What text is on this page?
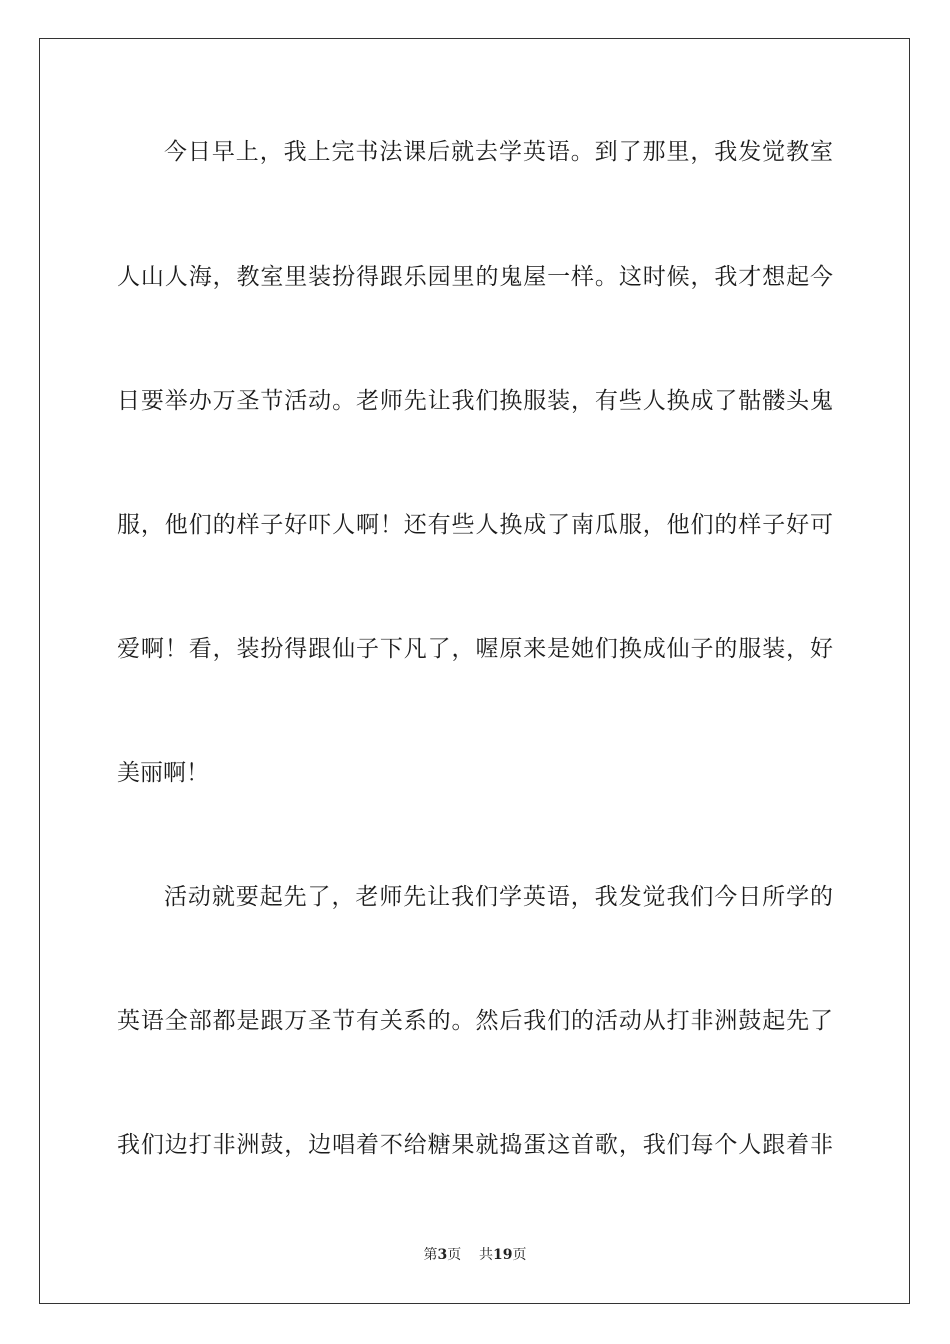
今日早上，我上完书法课后就去学英语。到了那里，我发觉教室
人山人海，教室里装扮得跟乐园里的鬼屋一样。这时候，我才想起今
日要举办万圣节活动。老师先让我们换服装，有些人换成了骷髅头鬼
服，他们的样子好吓人啊！还有些人换成了南瓜服，他们的样子好可
爱啊！看，装扮得跟仙子下凡了，喔原来是她们换成仙子的服装，好
美丽啊！
活动就要起先了，老师先让我们学英语，我发觉我们今日所学的
英语全部都是跟万圣节有关系的。然后我们的活动从打非洲鼓起先了
我们边打非洲鼓，边唱着不给糖果就捣蛋这首歌，我们每个人跟着非
第3页 共19页
